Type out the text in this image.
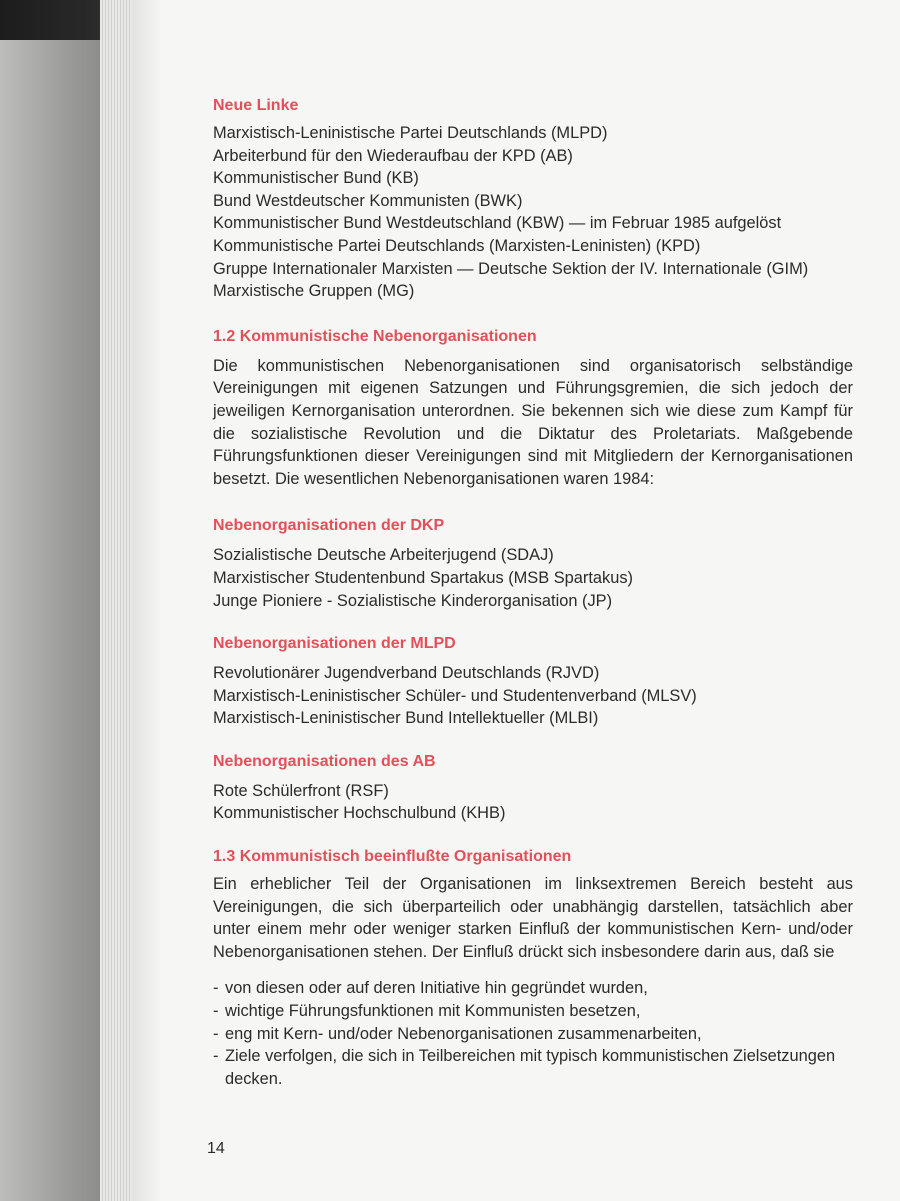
Neue Linke
Marxistisch-Leninistische Partei Deutschlands (MLPD)
Arbeiterbund für den Wiederaufbau der KPD (AB)
Kommunistischer Bund (KB)
Bund Westdeutscher Kommunisten (BWK)
Kommunistischer Bund Westdeutschland (KBW) — im Februar 1985 aufgelöst
Kommunistische Partei Deutschlands (Marxisten-Leninisten) (KPD)
Gruppe Internationaler Marxisten — Deutsche Sektion der IV. Internationale (GIM)
Marxistische Gruppen (MG)
1.2 Kommunistische Nebenorganisationen

Die kommunistischen Nebenorganisationen sind organisatorisch selbständige Vereinigungen mit eigenen Satzungen und Führungsgremien, die sich jedoch der jeweiligen Kernorganisation unterordnen. Sie bekennen sich wie diese zum Kampf für die sozialistische Revolution und die Diktatur des Proletariats. Maßgebende Führungsfunktionen dieser Vereinigungen sind mit Mitgliedern der Kernorganisationen besetzt. Die wesentlichen Nebenorganisationen waren 1984:

Nebenorganisationen der DKP
Sozialistische Deutsche Arbeiterjugend (SDAJ)
Marxistischer Studentenbund Spartakus (MSB Spartakus)
Junge Pioniere - Sozialistische Kinderorganisation (JP)
Nebenorganisationen der MLPD
Revolutionärer Jugendverband Deutschlands (RJVD)
Marxistisch-Leninistischer Schüler- und Studentenverband (MLSV)
Marxistisch-Leninistischer Bund Intellektueller (MLBI)
Nebenorganisationen des AB
Rote Schülerfront (RSF)
Kommunistischer Hochschulbund (KHB)
1.3 Kommunistisch beeinflußte Organisationen

Ein erheblicher Teil der Organisationen im linksextremen Bereich besteht aus Vereinigungen, die sich überparteilich oder unabhängig darstellen, tatsächlich aber unter einem mehr oder weniger starken Einfluß der kommunistischen Kern- und/oder Nebenorganisationen stehen. Der Einfluß drückt sich insbesondere darin aus, daß sie

- von diesen oder auf deren Initiative hin gegründet wurden,
- wichtige Führungsfunktionen mit Kommunisten besetzen,
- eng mit Kern- und/oder Nebenorganisationen zusammenarbeiten,
- Ziele verfolgen, die sich in Teilbereichen mit typisch kommunistischen Zielsetzungen decken.
14
